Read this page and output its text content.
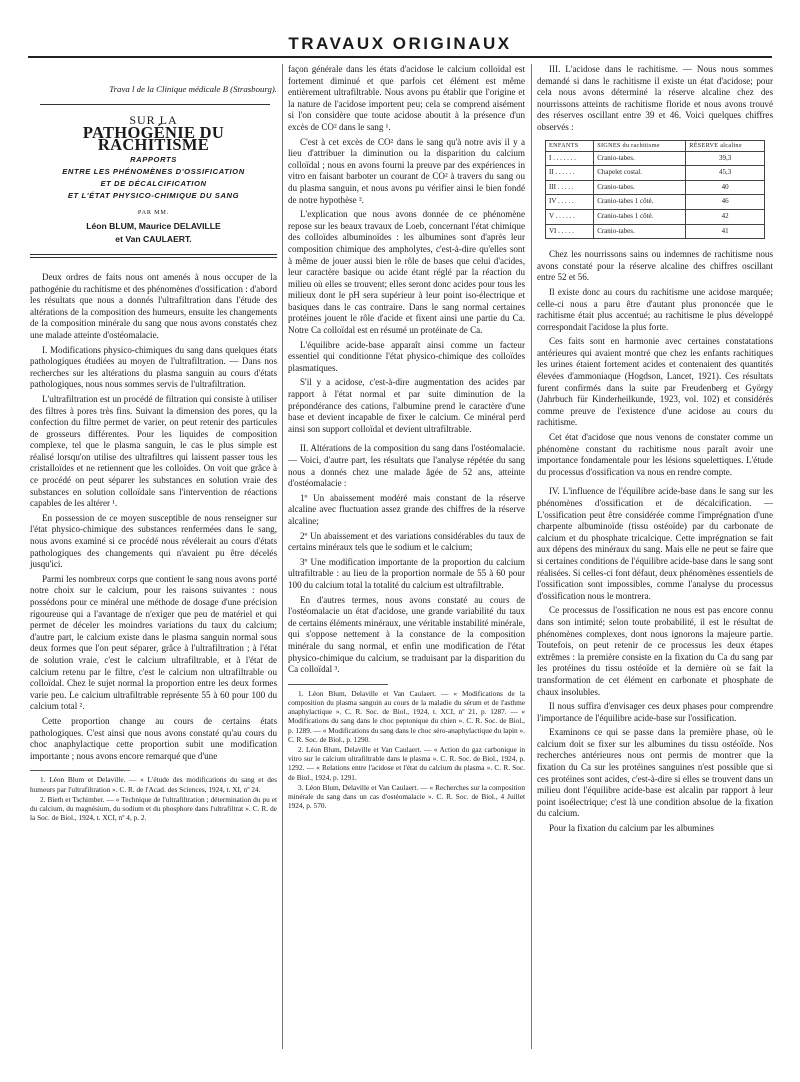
TRAVAUX ORIGINAUX
Trava l de la Clinique médicale B (Strasbourg).
SUR LA
PATHOGÉNIE DU RACHITISME
RAPPORTS
ENTRE LES PHÉNOMÈNES D'OSSIFICATION
ET DE DÉCALCIFICATION
ET L'ÉTAT PHYSICO-CHIMIQUE DU SANG
PAR MM.
Léon BLUM, Maurice DELAVILLE
et Van CAULAERT.

Deux ordres de faits nous ont amenés à nous occuper de la pathogénie du rachitisme et des phénomènes d'ossification : d'abord les résultats que nous a donnés l'ultrafiltration dans l'étude des altérations de la composition des humeurs, ensuite les changements de la composition minérale du sang que nous avons constatés chez une malade atteinte d'ostéomalacie.

I. Modifications physico-chimiques du sang dans quelques états pathologiques étudiées au moyen de l'ultrafiltration. — Dans nos recherches sur les altérations du plasma sanguin au cours d'états pathologiques, nous nous sommes servis de l'ultrafiltration.

L'ultrafiltration est un procédé de filtration qui consiste à utiliser des filtres à pores très fins. Suivant la dimension des pores, qu la confection du filtre permet de varier, on peut retenir des particules de grosseurs différentes. Pour les liquides de composition complexe, tel que le plasma sanguin, le cas le plus simple est réalisé lorsqu'on utilise des ultrafiltres qui laissent passer tous les cristalloïdes et ne retiennent que les colloïdes. On voit que grâce à ce procédé on peut séparer les substances en solution vraie des substances en solution colloïdale sans l'intervention de réactions capables de les altérer ¹.

En possession de ce moyen susceptible de nous renseigner sur l'état physico-chimique des substances renfermées dans le sang, nous avons examiné si ce procédé nous révélerait au cours d'états pathologiques des changements qui n'avaient pu être décelés jusqu'ici.

Parmi les nombreux corps que contient le sang nous avons porté notre choix sur le calcium, pour les raisons suivantes : nous possédons pour ce minéral une méthode de dosage d'une précision rigoureuse qui a l'avantage de n'exiger que peu de matériel et qui permet de déceler les moindres variations du taux du calcium; d'autre part, le calcium existe dans le plasma sanguin normal sous deux formes que l'on peut séparer, grâce à l'ultrafiltration ; à l'état de solution vraie, c'est le calcium ultrafiltrable, et à l'état de calcium retenu par le filtre, c'est le calcium non ultrafiltrable ou colloïdal. Chez le sujet normal la proportion entre les deux formes varie peu. Le calcium ultrafiltrable représente 55 à 60 pour 100 du calcium total ².

Cette proportion change au cours de certains états pathologiques. C'est ainsi que nous avons constaté qu'au cours du choc anaphylactique cette proportion subit une modification importante ; nous avons encore remarqué que d'une

1. Léon Blum et Delaville. — « L'étude des modifications du sang et des humeurs par l'ultrafiltration ». C. R. de l'Acad. des Sciences, 1924, t. XI, nº 24.

2. Bieth et Tschimber. — « Technique de l'ultrafiltration ; détermination du pu et du calcium, du magnésium, du sodium et du phosphore dans l'ultrafiltrat ». C. R. de la Soc. de Biol., 1924, t. XCI, nº 4, p. 2.

façon générale dans les états d'acidose le calcium colloïdal est fortement diminué et que parfois cet élément est même entièrement ultrafiltrable. Nous avons pu établir que l'origine et la nature de l'acidose importent peu; cela se comprend aisément si l'on considère que toute acidose aboutit à la présence d'un excès de CO² dans le sang ¹.

C'est à cet excès de CO² dans le sang qu'à notre avis il y a lieu d'attribuer la diminution ou la disparition du calcium colloïdal ; nous en avons fourni la preuve par des expériences in vitro en faisant barboter un courant de CO² à travers du sang ou du plasma sanguin, et nous avons pu vérifier ainsi le bien fondé de notre hypothèse ².

L'explication que nous avons donnée de ce phénomène repose sur les beaux travaux de Loeb, concernant l'état chimique des colloïdes albuminoïdes : les albumines sont d'après leur composition chimique des ampholytes, c'est-à-dire qu'elles sont à même de jouer aussi bien le rôle de bases que celui d'acides, leur caractère basique ou acide étant réglé par la réaction du milieu où elles se trouvent; elles seront donc acides pour tous les milieux dont le pH sera supérieur à leur point iso-électrique et basiques dans le cas contraire. Dans le sang normal certaines protéines jouent le rôle d'acide et fixent ainsi une partie du Ca. Notre Ca colloïdal est en résumé un protéinate de Ca.

L'équilibre acide-base apparaît ainsi comme un facteur essentiel qui conditionne l'état physico-chimique des colloïdes plasmatiques.

S'il y a acidose, c'est-à-dire augmentation des acides par rapport à l'état normal et par suite diminution de la prépondérance des cations, l'albumine prend le caractère d'une base et devient incapable de fixer le calcium. Ce minéral perd ainsi son support colloïdal et devient ultrafiltrable.

II. Altérations de la composition du sang dans l'ostéomalacie. — Voici, d'autre part, les résultats que l'analyse répétée du sang nous a donnés chez une malade âgée de 52 ans, atteinte d'ostéomalacie :

1º Un abaissement modéré mais constant de la réserve alcaline avec fluctuation assez grande des chiffres de la réserve alcaline;

2º Un abaissement et des variations considérables du taux de certains minéraux tels que le sodium et le calcium;

3º Une modification importante de la proportion du calcium ultrafiltrable : au lieu de la proportion normale de 55 à 60 pour 100 du calcium total la totalité du calcium est ultrafiltrable.

En d'autres termes, nous avons constaté au cours de l'ostéomalacie un état d'acidose, une grande variabilité du taux de certains éléments minéraux, une véritable instabilité minérale, qui s'oppose nettement à la constance de la composition minérale du sang normal, et enfin une modification de l'état physico-chimique du calcium, se traduisant par la disparition du Ca colloïdal ³.

1. Léon Blum, Delaville et Van Caulaert. — « Modifications de la composition du plasma sanguin au cours de la maladie du sérum et de l'asthme anaphylactique ». C. R. Soc. de Biol., 1924, t. XCI, nº 21, p. 1287. — « Modifications du sang dans le choc peptonique du chien ». C. R. Soc. de Biol., p. 1289. — « Modifications du sang dans le choc séro-anaphylactique du lapin ». C. R. Soc. de Biol., p. 1290.

2. Léon Blum, Delaville et Van Caulaert. — « Action du gaz carbonique in vitro sur le calcium ultrafiltrable dans le plasma ». C. R. Soc. de Biol., 1924, p. 1292. — « Relations entre l'acidose et l'état du calcium du plasma ». C. R. Soc. de Biol., 1924, p. 1291.

3. Léon Blum, Delaville et Van Caulaert. — « Recherches sur la composition minérale du sang dans un cas d'ostéomalacie ». C. R. Soc. de Biol., 4 Juillet 1924, p. 570.

III. L'acidose dans le rachitisme. — Nous nous sommes demandé si dans le rachitisme il existe un état d'acidose; pour cela nous avons déterminé la réserve alcaline chez des nourrissons atteints de rachitisme floride et nous avons trouvé des réserves oscillant entre 39 et 46. Voici quelques chiffres observés :

ENFANTS	SIGNES du rachitisme	RÉSERVE alcaline
I . . . . . . .	Cranio-tabes.	39,3
II . . . . . .	Chapelet costal.	45,3
III . . . . .	Cranio-tabes.	40
IV . . . . .	Cranio-tabes 1 côté.	46
V . . . . . .	Cranio-tabes 1 côté.	42
VI . . . . .	Cranio-tabes.	41

Chez les nourrissons sains ou indemnes de rachitisme nous avons constaté pour la réserve alcaline des chiffres oscillant entre 52 et 56.

Il existe donc au cours du rachitisme une acidose marquée; celle-ci nous a paru être d'autant plus prononcée que le rachitisme était plus accentué; au rachitisme le plus développé correspondait l'acidose la plus forte.

Ces faits sont en harmonie avec certaines constatations antérieures qui avaient montré que chez les enfants rachitiques les urines étaient fortement acides et contenaient des quantités élevées d'ammoniaque (Hogdson, Lancet, 1921). Ces résultats furent confirmés dans la suite par Freudenberg et György (Jahrbuch für Kinderheilkunde, 1923, vol. 102) et considérés comme preuve de l'existence d'une acidose au cours du rachitisme.

Cet état d'acidose que nous venons de constater comme un phénomène constant du rachitisme nous paraît avoir une importance fondamentale pour les lésions squelettiques. L'étude du processus d'ossification va nous en rendre compte.

IV. L'influence de l'équilibre acide-base dans le sang sur les phénomènes d'ossification et de décalcification. — L'ossification peut être considérée comme l'imprégnation d'une charpente albuminoïde (tissu ostéoïde) par du carbonate de calcium et du phosphate tricalcique. Cette imprégnation se fait aux dépens des minéraux du sang. Mais elle ne peut se faire que si certaines conditions de l'équilibre acide-base dans le sang sont réalisées. Si celles-ci font défaut, deux phénomènes essentiels de l'ossification sont impossibles, comme l'analyse du processus d'ossification nous le montrera.

Ce processus de l'ossification ne nous est pas encore connu dans son intimité; selon toute probabilité, il est le résultat de phénomènes complexes, dont nous ignorons la majeure partie. Toutefois, on peut retenir de ce processus les deux étapes extrêmes : la première consiste en la fixation du Ca du sang par les protéines du tissu ostéoïde et la dernière où se fait la transformation de cet élément en carbonate et phosphate de chaux insolubles.

Il nous suffira d'envisager ces deux phases pour comprendre l'importance de l'équilibre acide-base sur l'ossification.

Examinons ce qui se passe dans la première phase, où le calcium doit se fixer sur les albumines du tissu ostéoïde. Nos recherches antérieures nous ont permis de montrer que la fixation du Ca sur les protéines sanguines n'est possible que si ces protéines sont acides, c'est-à-dire si elles se trouvent dans un milieu dont l'équilibre acide-base est alcalin par rapport à leur point isoélectrique; c'est là une condition absolue de la fixation du calcium.

Pour la fixation du calcium par les albumines
